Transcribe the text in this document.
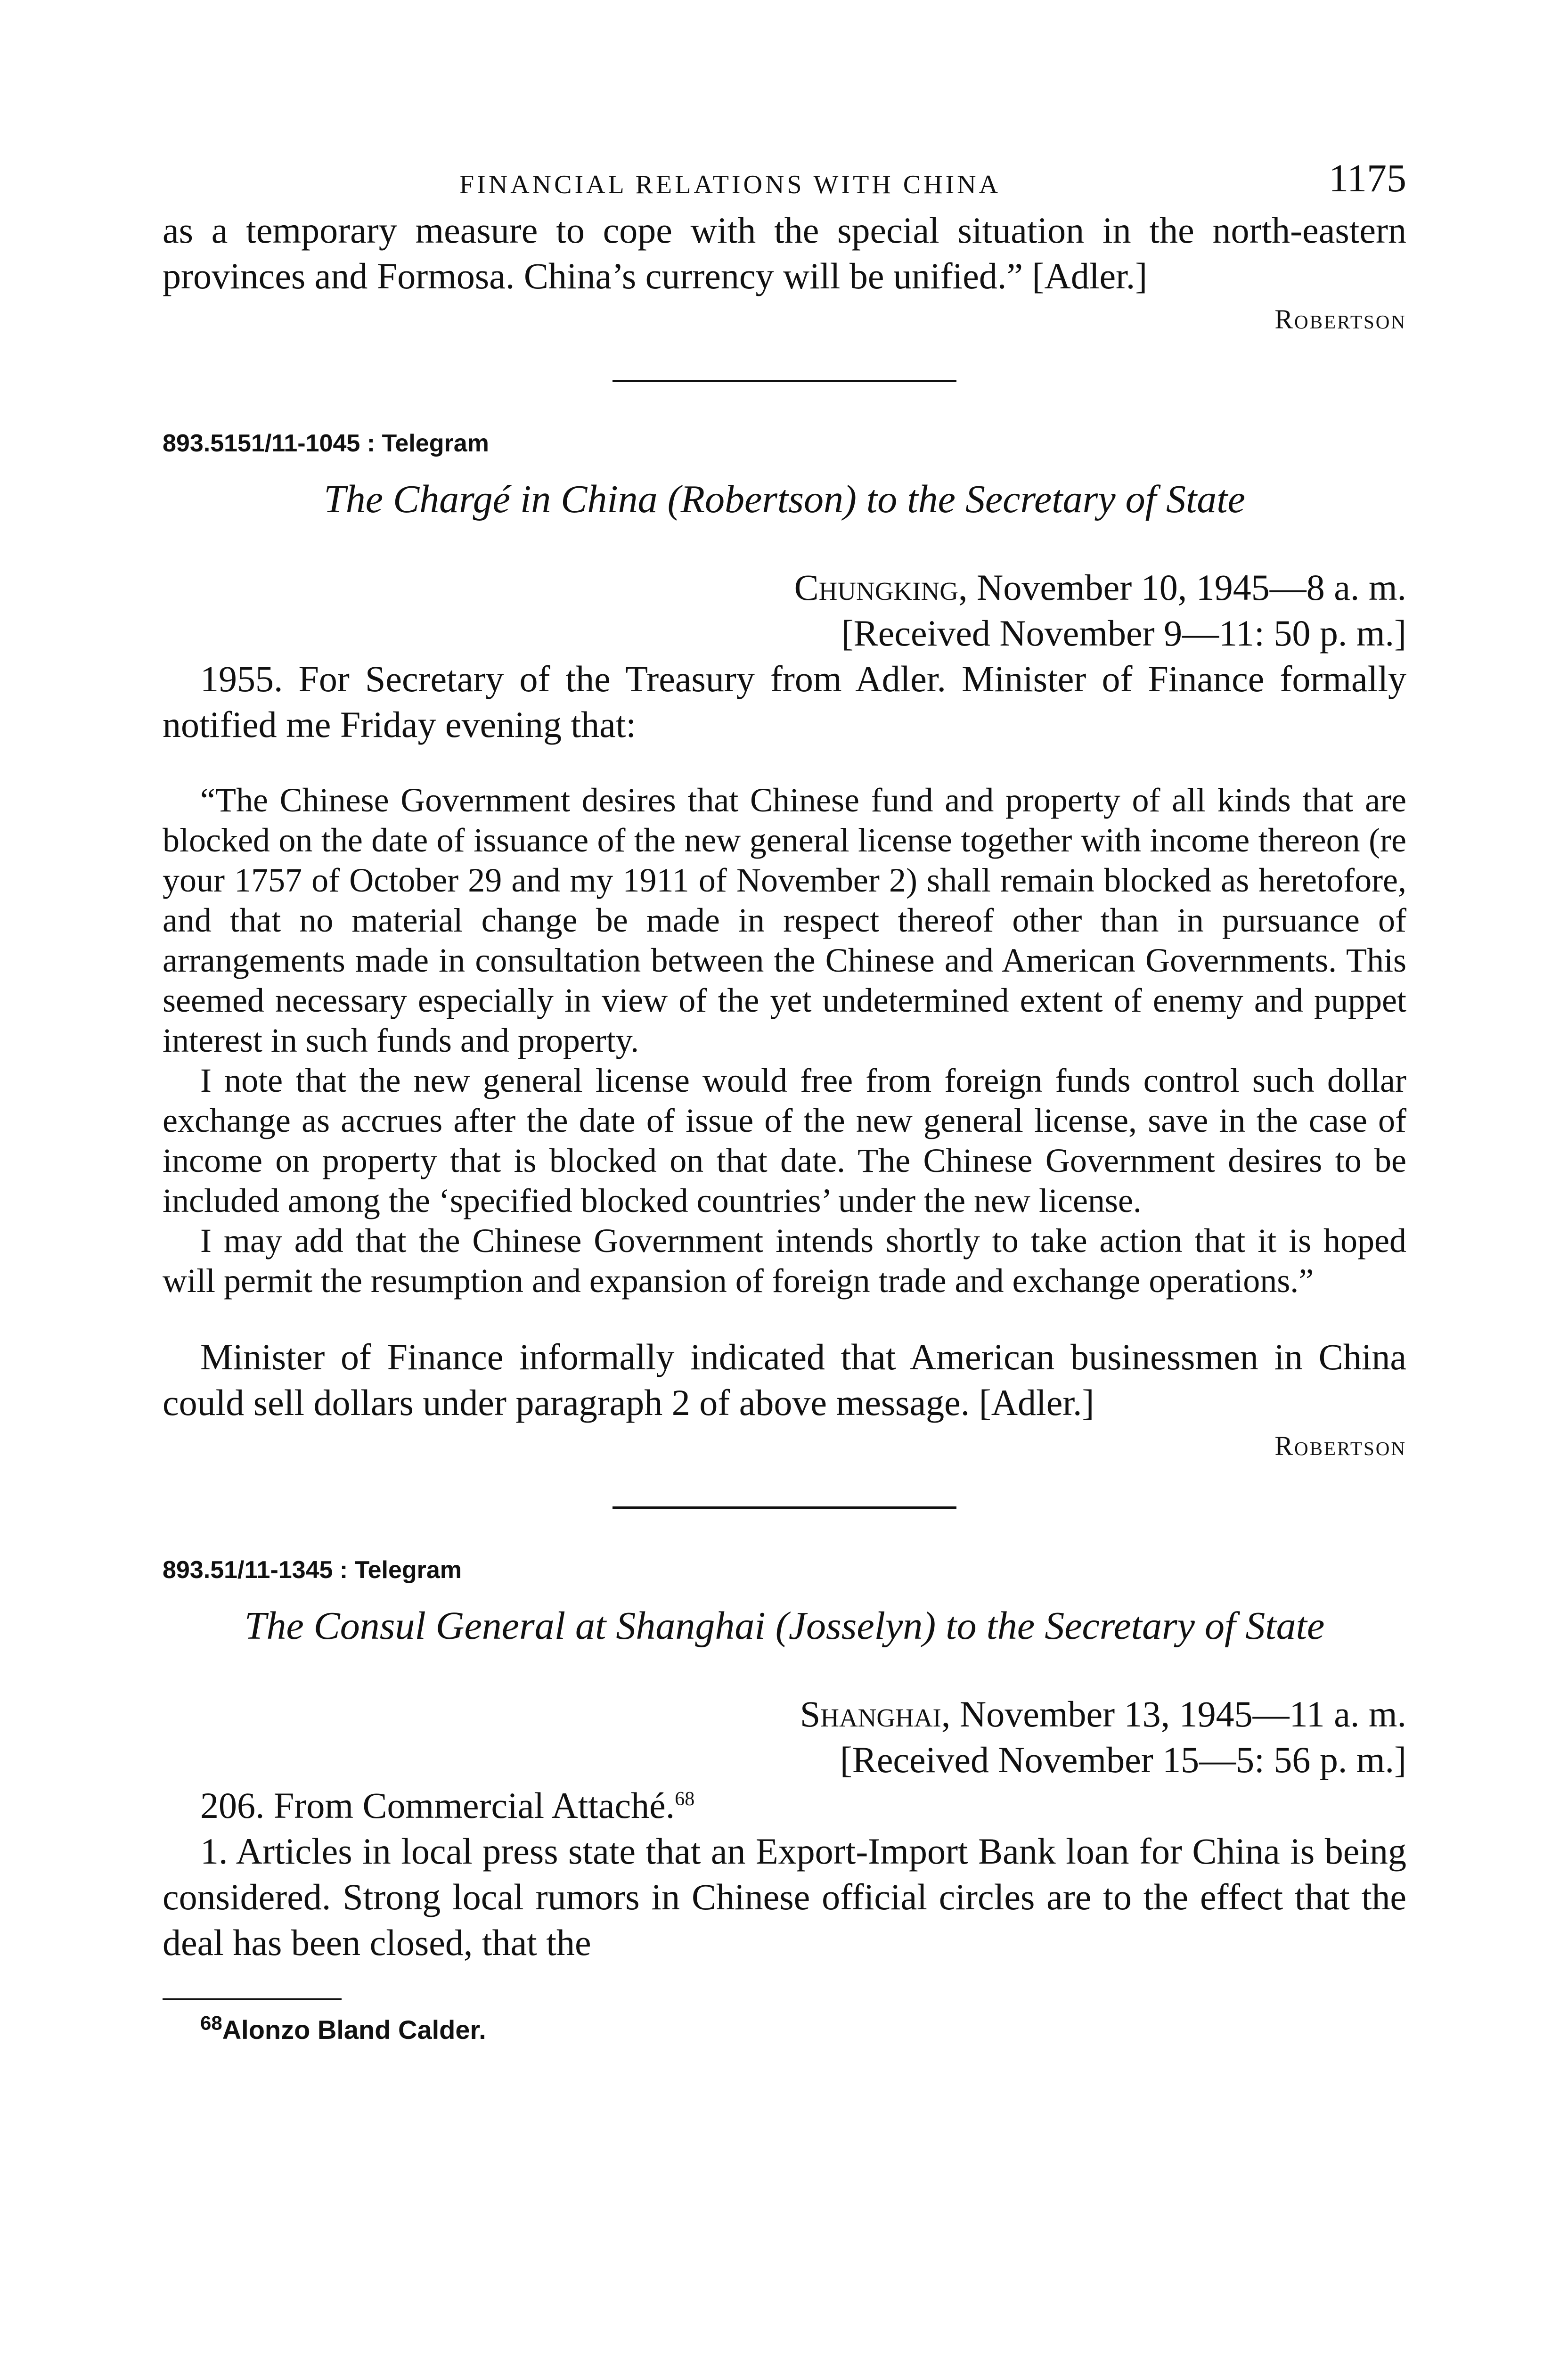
FINANCIAL RELATIONS WITH CHINA	1175

as a temporary measure to cope with the special situation in the north-eastern provinces and Formosa. China’s currency will be unified.” [Adler.]

Robertson

893.5151/11-1045 : Telegram

The Chargé in China (Robertson) to the Secretary of State

Chungking, November 10, 1945—8 a. m.

[Received November 9—11: 50 p. m.]

1955. For Secretary of the Treasury from Adler. Minister of Finance formally notified me Friday evening that:

“The Chinese Government desires that Chinese fund and property of all kinds that are blocked on the date of issuance of the new general license together with income thereon (re your 1757 of October 29 and my 1911 of November 2) shall remain blocked as heretofore, and that no material change be made in respect thereof other than in pursuance of arrangements made in consultation between the Chinese and American Governments. This seemed necessary especially in view of the yet undetermined extent of enemy and puppet interest in such funds and property.

I note that the new general license would free from foreign funds control such dollar exchange as accrues after the date of issue of the new general license, save in the case of income on property that is blocked on that date. The Chinese Government desires to be included among the ‘specified blocked countries’ under the new license.

I may add that the Chinese Government intends shortly to take action that it is hoped will permit the resumption and expansion of foreign trade and exchange operations.”

Minister of Finance informally indicated that American businessmen in China could sell dollars under paragraph 2 of above message. [Adler.]

Robertson

893.51/11-1345 : Telegram

The Consul General at Shanghai (Josselyn) to the Secretary of State

Shanghai, November 13, 1945—11 a. m.

[Received November 15—5: 56 p. m.]

206. From Commercial Attaché.$^{68}$

1. Articles in local press state that an Export-Import Bank loan for China is being considered. Strong local rumors in Chinese official circles are to the effect that the deal has been closed, that the

$^{68}$Alonzo Bland Calder.
